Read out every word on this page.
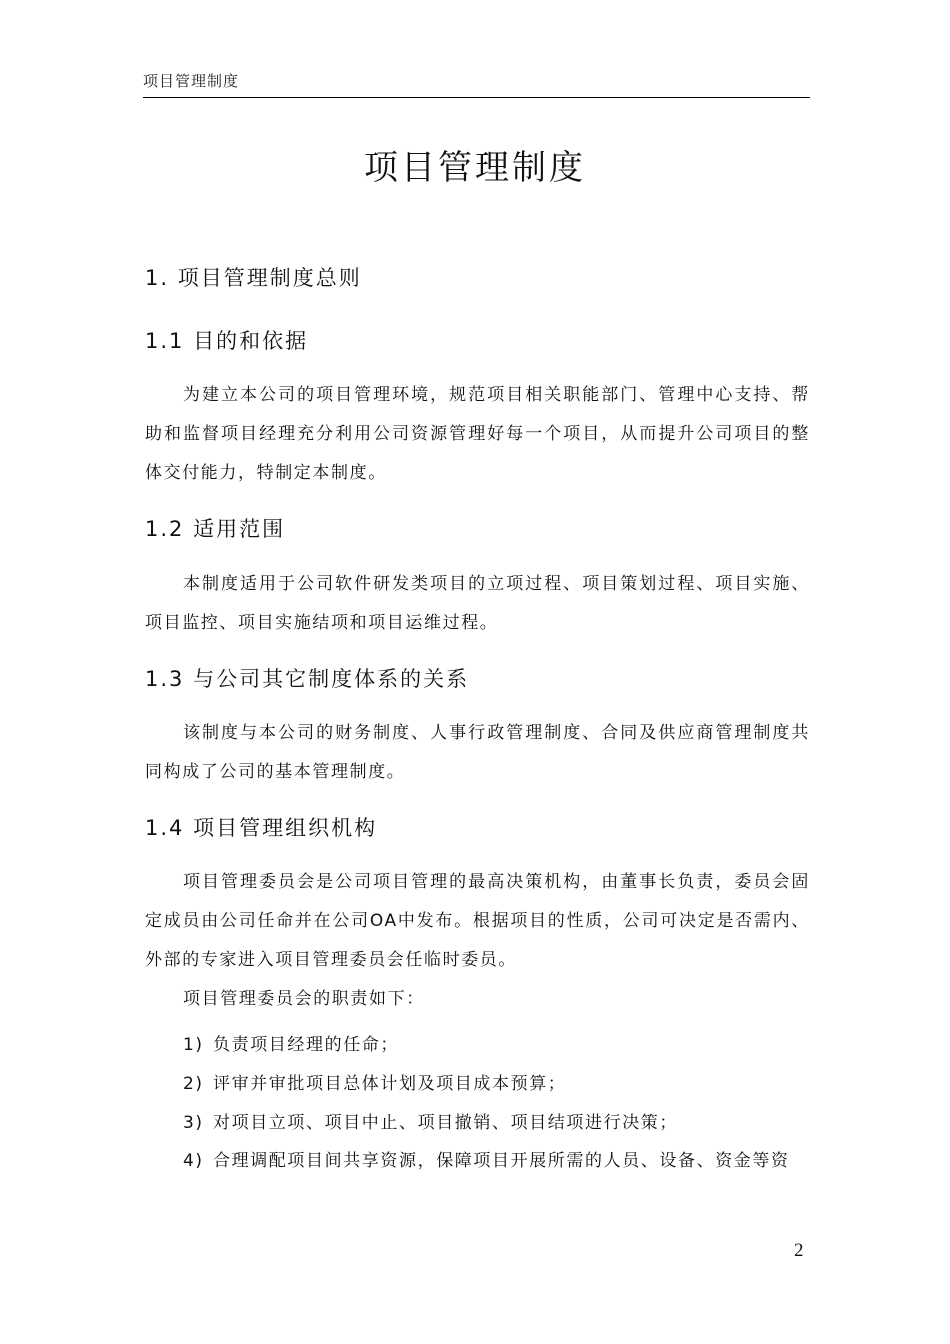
项目管理制度
项目管理制度
1. 项目管理制度总则
1.1 目的和依据
为建立本公司的项目管理环境，规范项目相关职能部门、管理中心支持、帮助和监督项目经理充分利用公司资源管理好每一个项目，从而提升公司项目的整体交付能力，特制定本制度。
1.2 适用范围
本制度适用于公司软件研发类项目的立项过程、项目策划过程、项目实施、项目监控、项目实施结项和项目运维过程。
1.3 与公司其它制度体系的关系
该制度与本公司的财务制度、人事行政管理制度、合同及供应商管理制度共同构成了公司的基本管理制度。
1.4 项目管理组织机构
项目管理委员会是公司项目管理的最高决策机构，由董事长负责，委员会固定成员由公司任命并在公司OA中发布。根据项目的性质，公司可决定是否需内、外部的专家进入项目管理委员会任临时委员。
项目管理委员会的职责如下：
1) 负责项目经理的任命；
2) 评审并审批项目总体计划及项目成本预算；
3) 对项目立项、项目中止、项目撤销、项目结项进行决策；
4) 合理调配项目间共享资源，保障项目开展所需的人员、设备、资金等资
2
